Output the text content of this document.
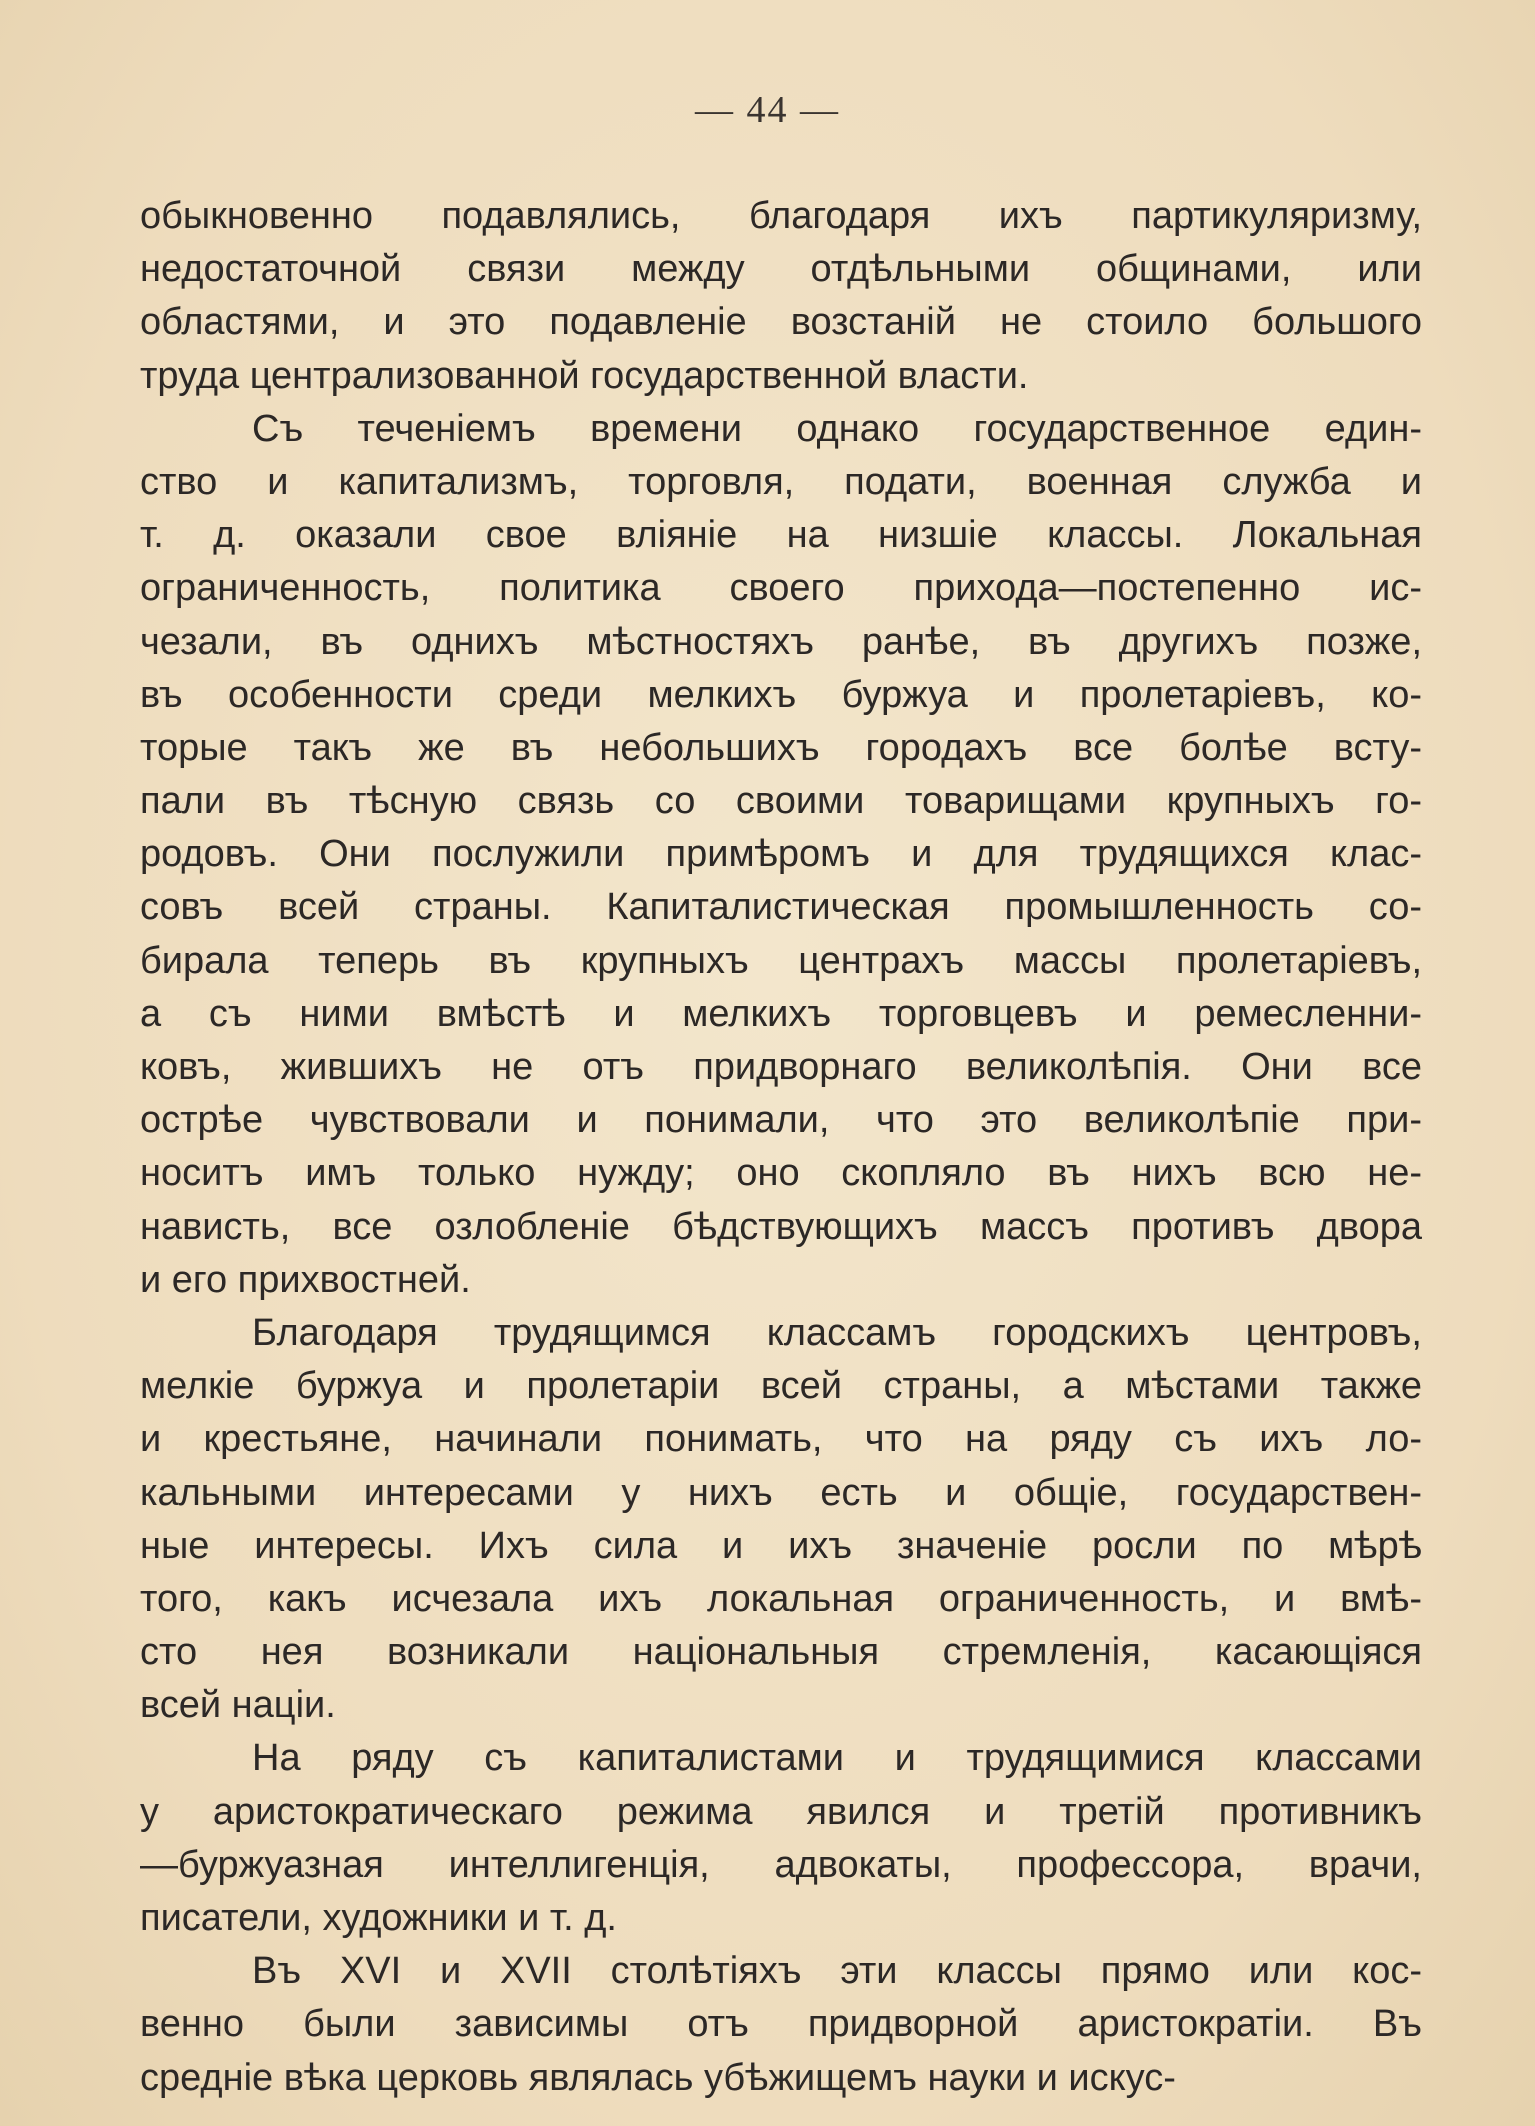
— 44 —
обыкновенно подавлялись, благодаря ихъ партикуляризму,
недостаточной связи между отдѣльными общинами, или
областями, и это подавленіе возстаній не стоило большого
труда централизованной государственной власти.
Съ теченіемъ времени однако государственное един-
ство и капитализмъ, торговля, подати, военная служба и
т. д. оказали свое вліяніе на низшіе классы. Локальная
ограниченность, политика своего прихода—постепенно ис-
чезали, въ однихъ мѣстностяхъ ранѣе, въ другихъ позже,
въ особенности среди мелкихъ буржуа и пролетаріевъ, ко-
торые такъ же въ небольшихъ городахъ все болѣе всту-
пали въ тѣсную связь со своими товарищами крупныхъ го-
родовъ. Они послужили примѣромъ и для трудящихся клас-
совъ всей страны. Капиталистическая промышленность со-
бирала теперь въ крупныхъ центрахъ массы пролетаріевъ,
а съ ними вмѣстѣ и мелкихъ торговцевъ и ремесленни-
ковъ, жившихъ не отъ придворнаго великолѣпія. Они все
острѣе чувствовали и понимали, что это великолѣпіе при-
носитъ имъ только нужду; оно скопляло въ нихъ всю не-
нависть, все озлобленіе бѣдствующихъ массъ противъ двора
и его прихвостней.
Благодаря трудящимся классамъ городскихъ центровъ,
мелкіе буржуа и пролетаріи всей страны, а мѣстами также
и крестьяне, начинали понимать, что на ряду съ ихъ ло-
кальными интересами у нихъ есть и общіе, государствен-
ные интересы. Ихъ сила и ихъ значеніе росли по мѣрѣ
того, какъ исчезала ихъ локальная ограниченность, и вмѣ-
сто нея возникали національныя стремленія, касающіяся
всей націи.
На ряду съ капиталистами и трудящимися классами
у аристократическаго режима явился и третій противникъ
—буржуазная интеллигенція, адвокаты, профессора, врачи,
писатели, художники и т. д.
Въ XVI и XVII столѣтіяхъ эти классы прямо или кос-
венно были зависимы отъ придворной аристократіи. Въ
средніе вѣка церковь являлась убѣжищемъ науки и искус-
